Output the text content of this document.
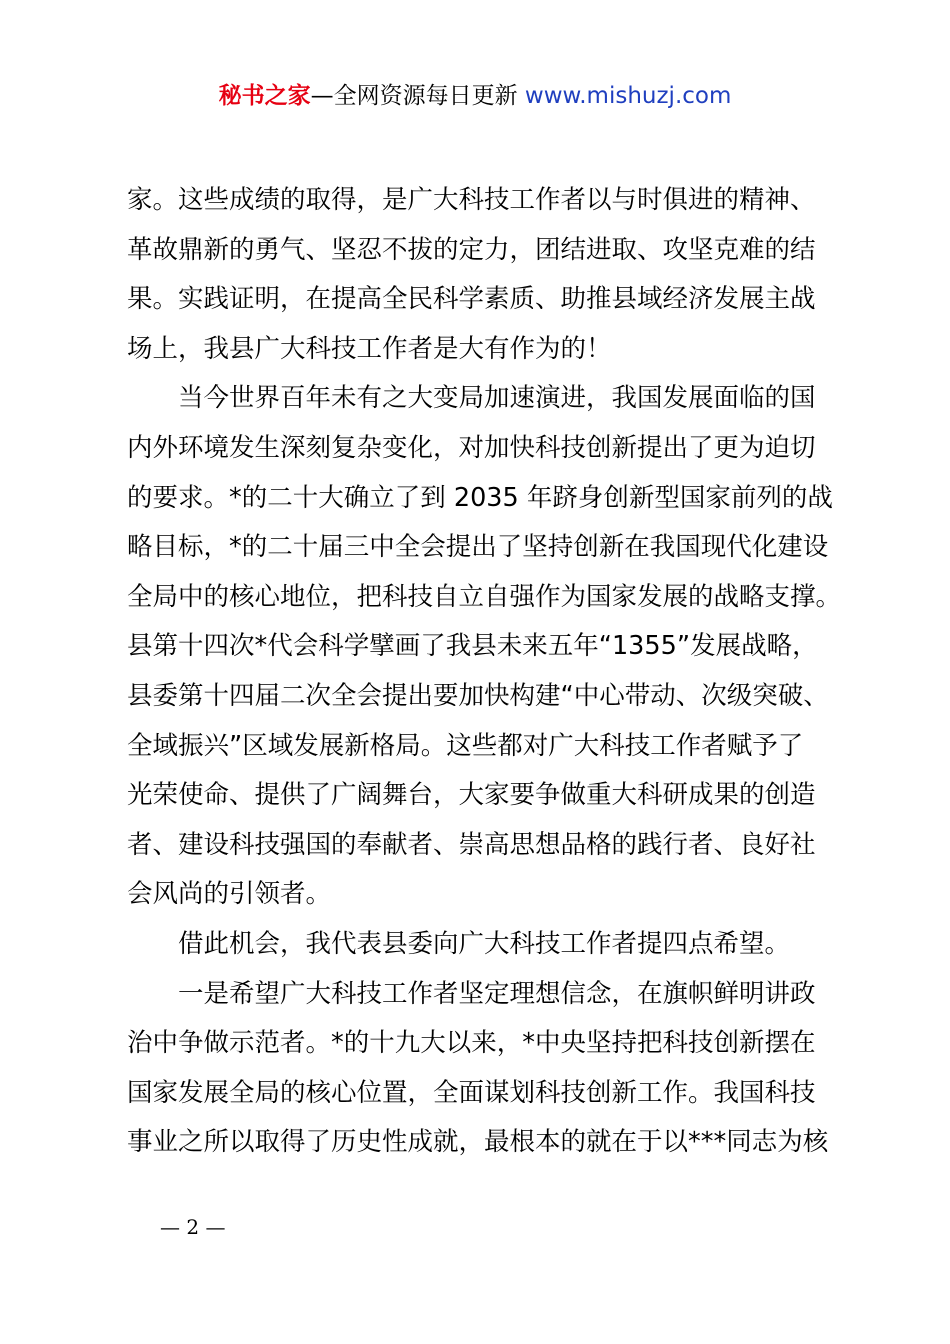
秘书之家—全网资源每日更新 www.mishuzj.com
家。这些成绩的取得，是广大科技工作者以与时俱进的精神、
革故鼎新的勇气、坚忍不拔的定力，团结进取、攻坚克难的结
果。实践证明，在提高全民科学素质、助推县域经济发展主战
场上，我县广大科技工作者是大有作为的！
当今世界百年未有之大变局加速演进，我国发展面临的国
内外环境发生深刻复杂变化，对加快科技创新提出了更为迫切
的要求。*的二十大确立了到 2035 年跻身创新型国家前列的战
略目标，*的二十届三中全会提出了坚持创新在我国现代化建设
全局中的核心地位，把科技自立自强作为国家发展的战略支撑。
县第十四次*代会科学擘画了我县未来五年“1355”发展战略，
县委第十四届二次全会提出要加快构建“中心带动、次级突破、
全域振兴”区域发展新格局。这些都对广大科技工作者赋予了
光荣使命、提供了广阔舞台，大家要争做重大科研成果的创造
者、建设科技强国的奉献者、崇高思想品格的践行者、良好社
会风尚的引领者。
借此机会，我代表县委向广大科技工作者提四点希望。
一是希望广大科技工作者坚定理想信念，在旗帜鲜明讲政
治中争做示范者。*的十九大以来，*中央坚持把科技创新摆在
国家发展全局的核心位置，全面谋划科技创新工作。我国科技
事业之所以取得了历史性成就，最根本的就在于以***同志为核
— 2 —
